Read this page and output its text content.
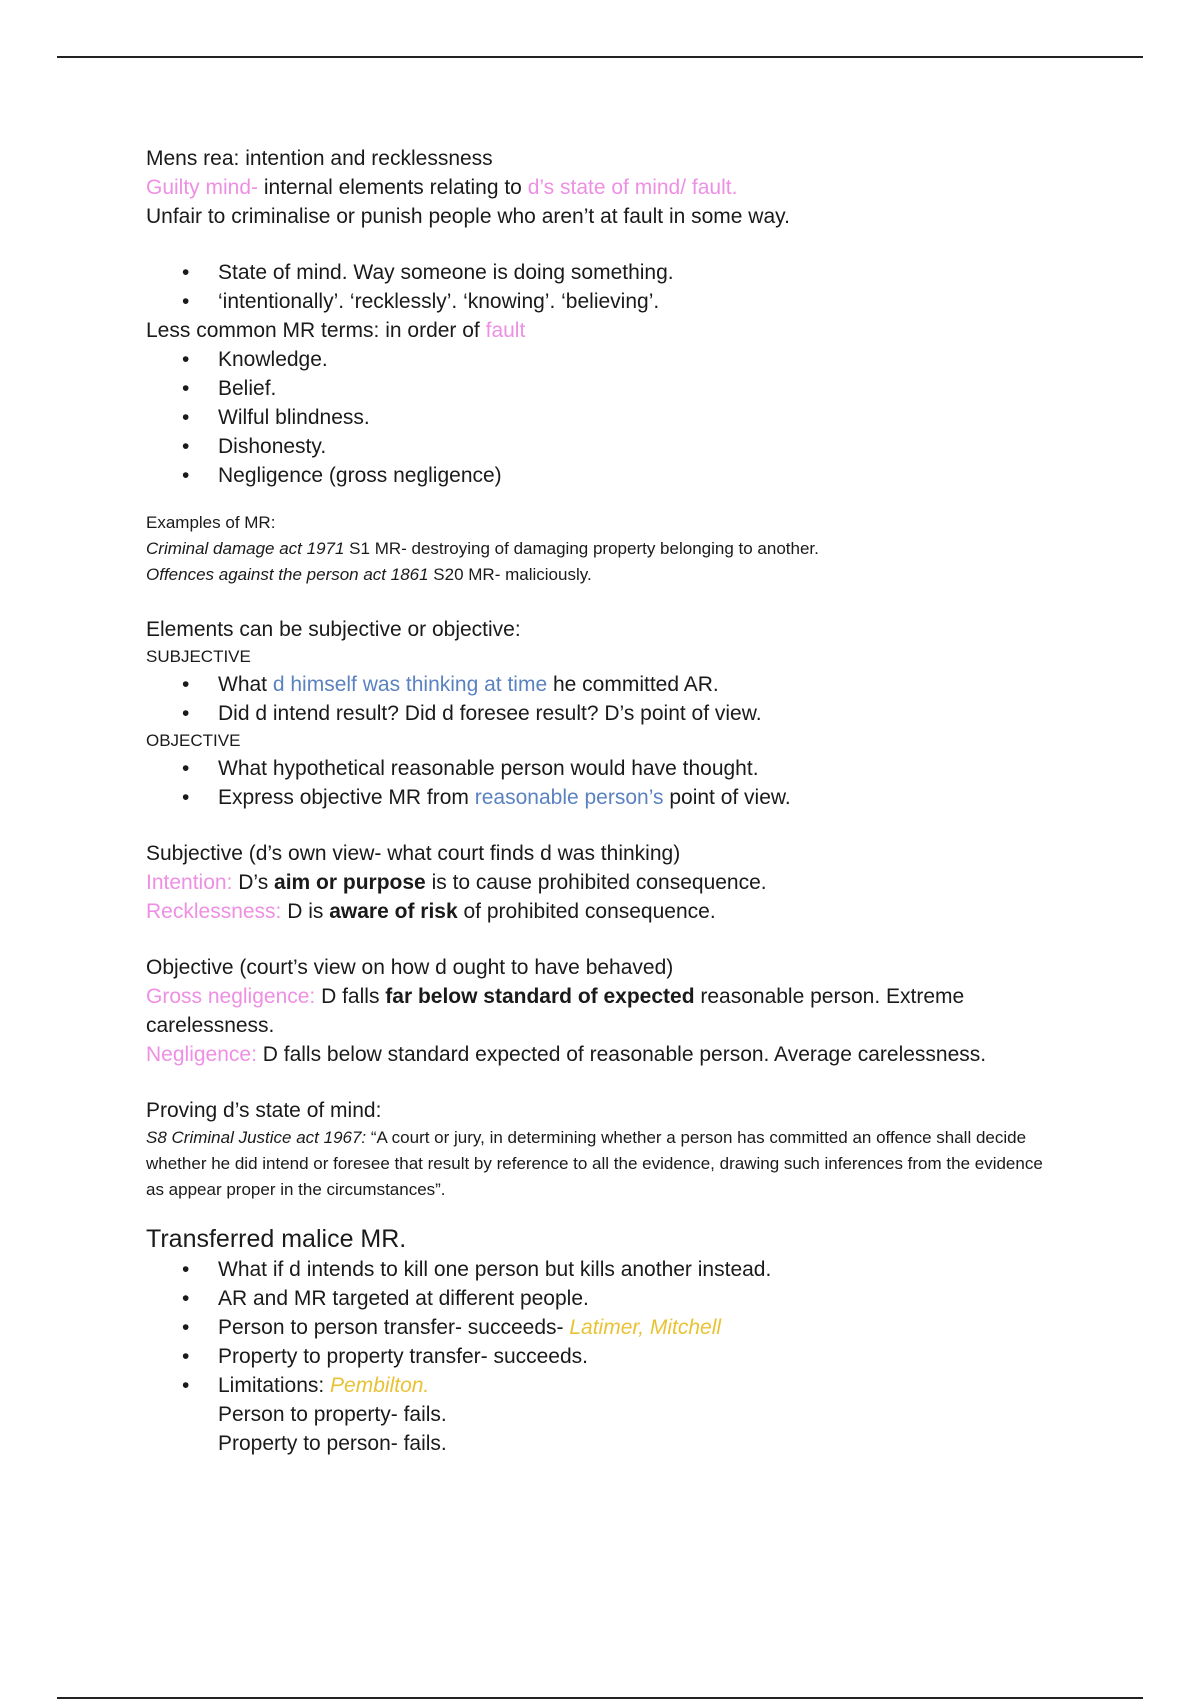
Mens rea: intention and recklessness

Guilty mind- internal elements relating to d’s state of mind/ fault.

Unfair to criminalise or punish people who aren’t at fault in some way.

• State of mind. Way someone is doing something.
• ‘intentionally’. ‘recklessly’. ‘knowing’. ‘believing’.

Less common MR terms: in order of fault

• Knowledge.
• Belief.
• Wilful blindness.
• Dishonesty.
• Negligence (gross negligence)

Examples of MR:

Criminal damage act 1971 S1 MR- destroying of damaging property belonging to another.

Offences against the person act 1861 S20 MR- maliciously.

Elements can be subjective or objective:

SUBJECTIVE

• What d himself was thinking at time he committed AR.
• Did d intend result? Did d foresee result? D’s point of view.

OBJECTIVE

• What hypothetical reasonable person would have thought.
• Express objective MR from reasonable person’s point of view.

Subjective (d’s own view- what court finds d was thinking)

Intention: D’s aim or purpose is to cause prohibited consequence.

Recklessness: D is aware of risk of prohibited consequence.

Objective (court’s view on how d ought to have behaved)

Gross negligence: D falls far below standard of expected reasonable person. Extreme carelessness.

Negligence: D falls below standard expected of reasonable person. Average carelessness.

Proving d’s state of mind:

S8 Criminal Justice act 1967: “A court or jury, in determining whether a person has committed an offence shall decide whether he did intend or foresee that result by reference to all the evidence, drawing such inferences from the evidence as appear proper in the circumstances”.

Transferred malice MR.

• What if d intends to kill one person but kills another instead.
• AR and MR targeted at different people.
• Person to person transfer- succeeds- Latimer, Mitchell
• Property to property transfer- succeeds.
• Limitations: Pembilton.
Person to property- fails.
Property to person- fails.
